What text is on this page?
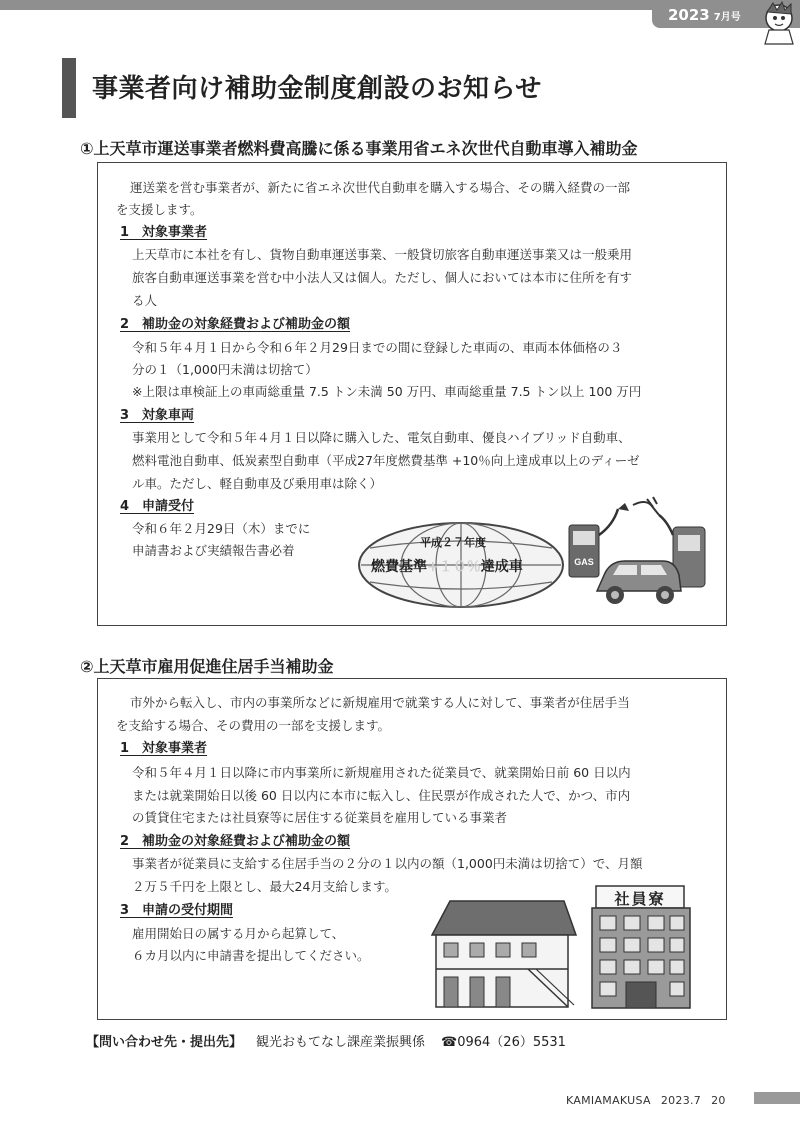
2023 7月号
事業者向け補助金制度創設のお知らせ
①上天草市運送事業者燃料費高騰に係る事業用省エネ次世代自動車導入補助金
運送業を営む事業者が、新たに省エネ次世代自動車を購入する場合、その購入経費の一部
を支援します。
1　対象事業者
上天草市に本社を有し、貨物自動車運送事業、一般貸切旅客自動車運送事業又は一般乗用
旅客自動車運送事業を営む中小法人又は個人。ただし、個人においては本市に住所を有す
る人
2　補助金の対象経費および補助金の額
令和５年４月１日から令和６年２月29日までの間に登録した車両の、車両本体価格の３
分の１（1,000円未満は切捨て）
※上限は車検証上の車両総重量 7.5 トン未満 50 万円、車両総重量 7.5 トン以上 100 万円
3　対象車両
事業用として令和５年４月１日以降に購入した、電気自動車、優良ハイブリッド自動車、
燃料電池自動車、低炭素型自動車（平成27年度燃費基準 +10％向上達成車以上のディーゼ
ル車。ただし、軽自動車及び乗用車は除く）
4　申請受付
令和６年２月29日（木）までに
申請書および実績報告書必着
平成２７年度
燃費基準+１０％達成車	GAS
②上天草市雇用促進住居手当補助金
市外から転入し、市内の事業所などに新規雇用で就業する人に対して、事業者が住居手当
を支給する場合、その費用の一部を支援します。
1　対象事業者
令和５年４月１日以降に市内事業所に新規雇用された従業員で、就業開始日前 60 日以内
または就業開始日以後 60 日以内に本市に転入し、住民票が作成された人で、かつ、市内
の賃貸住宅または社員寮等に居住する従業員を雇用している事業者
2　補助金の対象経費および補助金の額
事業者が従業員に支給する住居手当の２分の１以内の額（1,000円未満は切捨て）で、月額
２万５千円を上限とし、最大24月支給します。
3　申請の受付期間
雇用開始日の属する月から起算して、
６カ月以内に申請書を提出してください。
社員寮
【問い合わせ先・提出先】 観光おもてなし課産業振興係 ☎0964（26）5531
KAMIAMAKUSA 2023.7 20
